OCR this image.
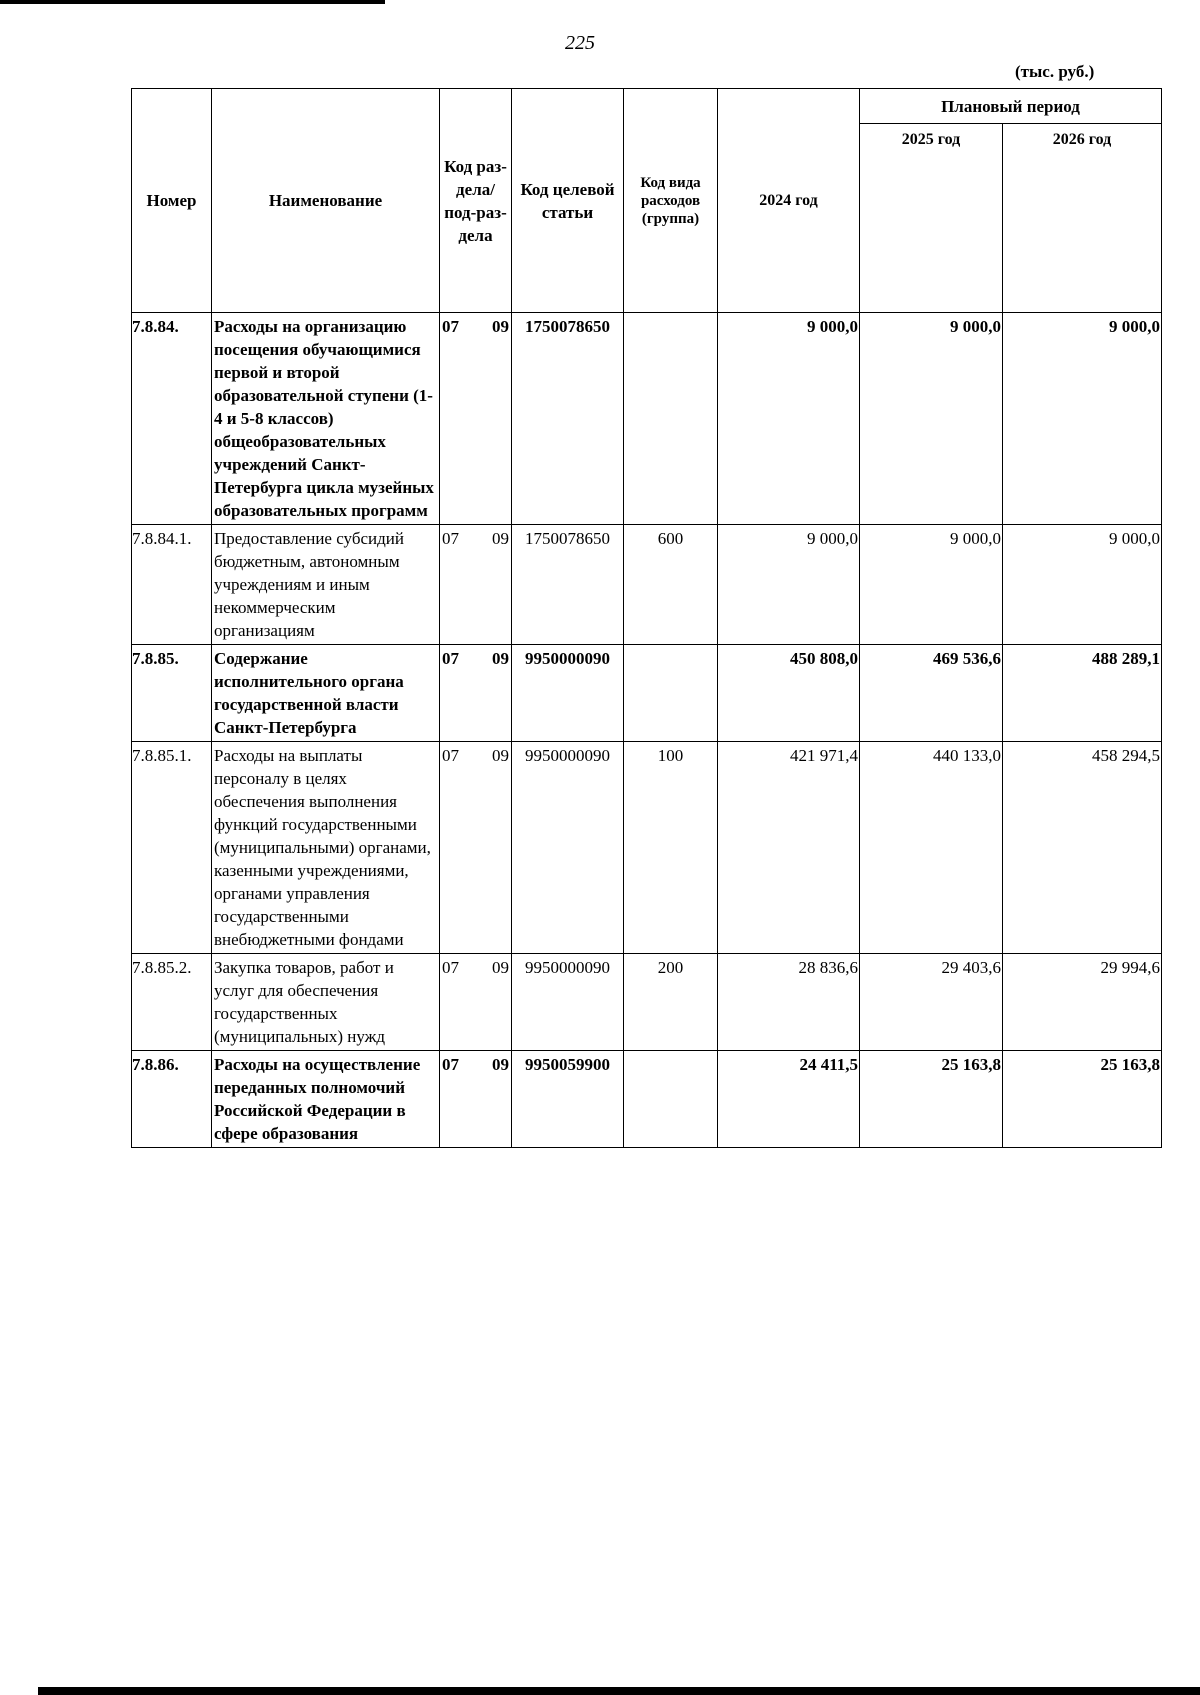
225
(тыс. руб.)
Номер	Наименование	Код раз-дела/ под-раз-дела	Код целевой статьи	Код вида расходов (группа)	2024 год	Плановый период	
						2025 год	2026 год
7.8.84.	Расходы на организацию посещения обучающимися первой и второй образовательной ступени (1-4 и 5-8 классов) общеобразовательных учреждений Санкт-Петербурга цикла музейных образовательных программ	07 09	1750078650		9 000,0	9 000,0	9 000,0
7.8.84.1.	Предоставление субсидий бюджетным, автономным учреждениям и иным некоммерческим организациям	07 09	1750078650	600	9 000,0	9 000,0	9 000,0
7.8.85.	Содержание исполнительного органа государственной власти Санкт-Петербурга	07 09	9950000090		450 808,0	469 536,6	488 289,1
7.8.85.1.	Расходы на выплаты персоналу в целях обеспечения выполнения функций государственными (муниципальными) органами, казенными учреждениями, органами управления государственными внебюджетными фондами	07 09	9950000090	100	421 971,4	440 133,0	458 294,5
7.8.85.2.	Закупка товаров, работ и услуг для обеспечения государственных (муниципальных) нужд	07 09	9950000090	200	28 836,6	29 403,6	29 994,6
7.8.86.	Расходы на осуществление переданных полномочий Российской Федерации в сфере образования	07 09	9950059900		24 411,5	25 163,8	25 163,8
